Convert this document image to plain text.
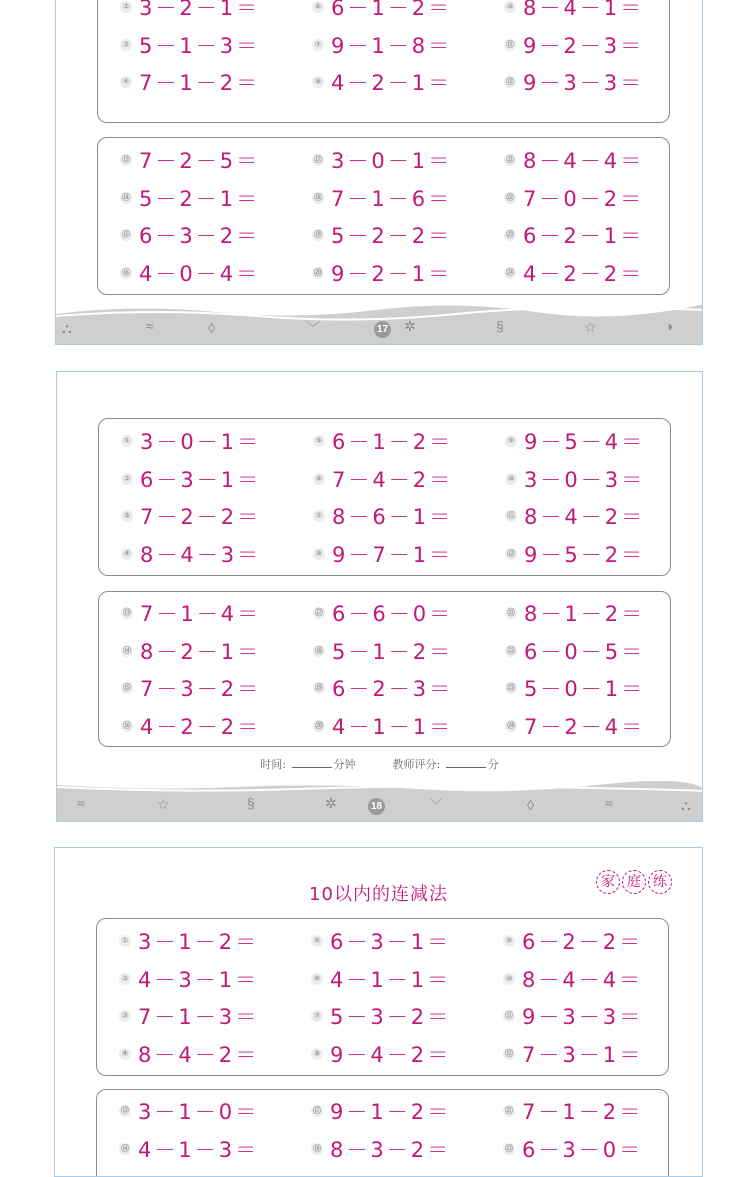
② 3－2－1＝	⑥ 6－1－2＝	⑩ 8－4－1＝
③ 5－1－3＝	⑦ 9－1－8＝	⑪ 9－2－3＝
④ 7－1－2＝	⑧ 4－2－1＝	⑫ 9－3－3＝
⑬ 7－2－5＝	⑰ 3－0－1＝	㉑ 8－4－4＝
⑭ 5－2－1＝	⑱ 7－1－6＝	㉒ 7－0－2＝
⑮ 6－3－2＝	⑲ 5－2－2＝	㉓ 6－2－1＝
⑯ 4－0－4＝	⑳ 9－2－1＝	㉔ 4－2－2＝
⛬	≈	◊	﹀	17 ✲	§	☆	◗
① 3－0－1＝	⑤ 6－1－2＝	⑨ 9－5－4＝
② 6－3－1＝	⑥ 7－4－2＝	⑩ 3－0－3＝
③ 7－2－2＝	⑦ 8－6－1＝	⑪ 8－4－2＝
④ 8－4－3＝	⑧ 9－7－1＝	⑫ 9－5－2＝
⑬ 7－1－4＝	⑰ 6－6－0＝	㉑ 8－1－2＝
⑭ 8－2－1＝	⑱ 5－1－2＝	㉒ 6－0－5＝
⑮ 7－3－2＝	⑲ 6－2－3＝	㉓ 5－0－1＝
⑯ 4－2－2＝	⑳ 4－1－1＝	㉔ 7－2－4＝
时间:	分钟	教师评分:	分
≈	☆	§	✲	18	﹀	◊	≈	⛬
10以内的连减法
家 庭 练
① 3－1－2＝	⑤ 6－3－1＝	⑨ 6－2－2＝
② 4－3－1＝	⑥ 4－1－1＝	⑩ 8－4－4＝
③ 7－1－3＝	⑦ 5－3－2＝	⑪ 9－3－3＝
④ 8－4－2＝	⑧ 9－4－2＝	⑫ 7－3－1＝
⑬ 3－1－0＝	⑰ 9－1－2＝	㉑ 7－1－2＝
⑭ 4－1－3＝	⑱ 8－3－2＝	㉒ 6－3－0＝
